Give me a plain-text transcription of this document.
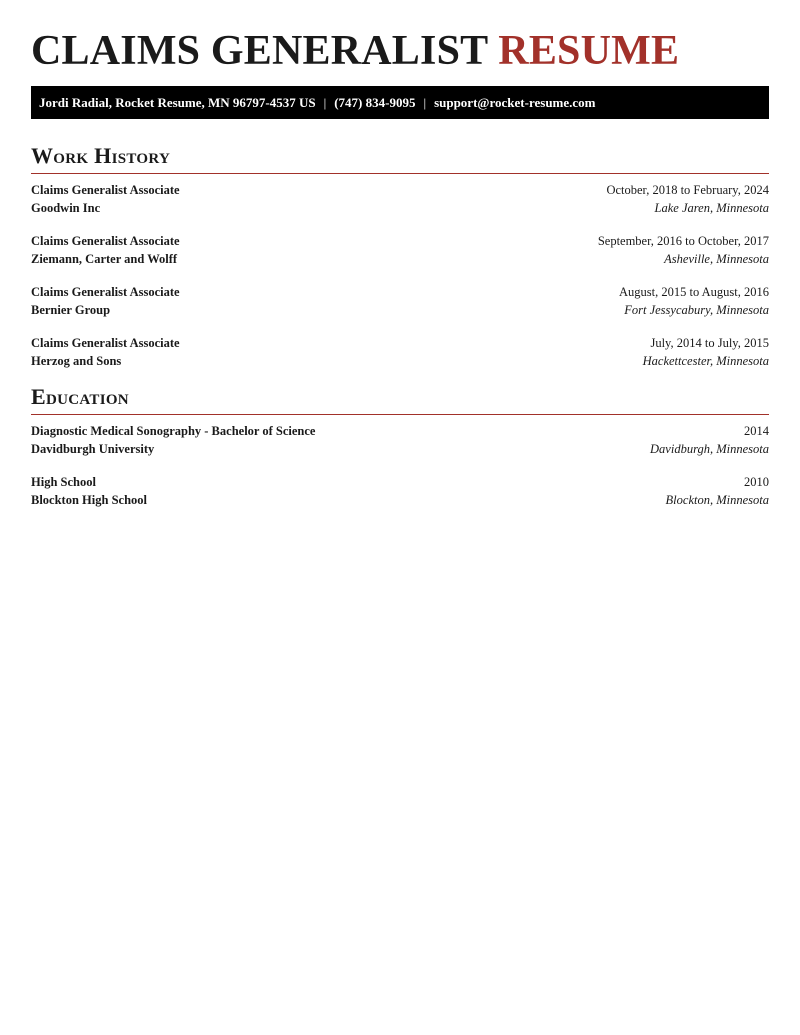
CLAIMS GENERALIST RESUME
Jordi Radial, Rocket Resume, MN 96797-4537 US | (747) 834-9095 | support@rocket-resume.com
Work History
Claims Generalist Associate	October, 2018 to February, 2024
Goodwin Inc	Lake Jaren, Minnesota
Claims Generalist Associate	September, 2016 to October, 2017
Ziemann, Carter and Wolff	Asheville, Minnesota
Claims Generalist Associate	August, 2015 to August, 2016
Bernier Group	Fort Jessycabury, Minnesota
Claims Generalist Associate	July, 2014 to July, 2015
Herzog and Sons	Hackettcester, Minnesota
Education
Diagnostic Medical Sonography - Bachelor of Science	2014
Davidburgh University	Davidburgh, Minnesota
High School	2010
Blockton High School	Blockton, Minnesota
